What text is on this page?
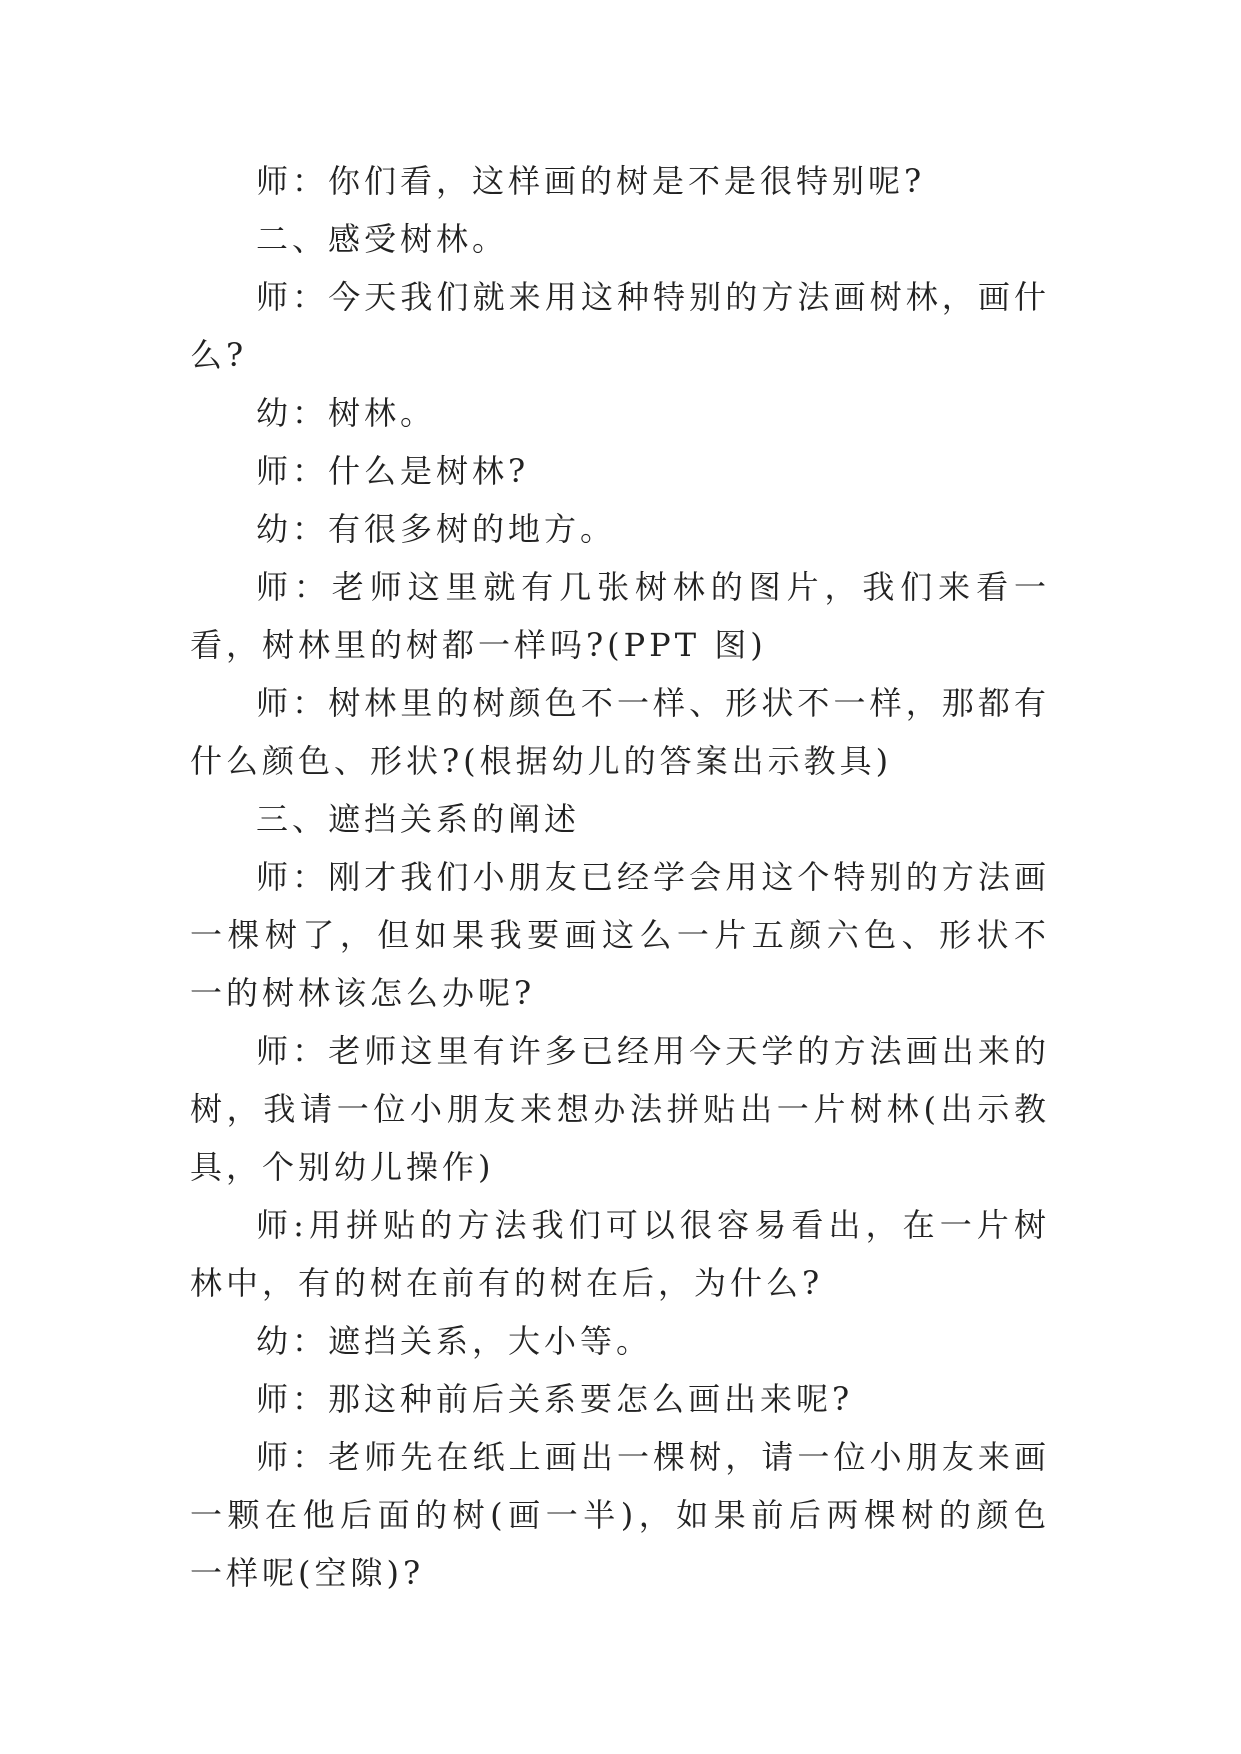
师：你们看，这样画的树是不是很特别呢?

二、感受树林。

师：今天我们就来用这种特别的方法画树林，画什么?

幼：树林。

师：什么是树林?

幼：有很多树的地方。

师：老师这里就有几张树林的图片，我们来看一看，树林里的树都一样吗?(PPT 图)

师：树林里的树颜色不一样、形状不一样，那都有什么颜色、形状?(根据幼儿的答案出示教具)

三、遮挡关系的阐述

师：刚才我们小朋友已经学会用这个特别的方法画一棵树了，但如果我要画这么一片五颜六色、形状不一的树林该怎么办呢?

师：老师这里有许多已经用今天学的方法画出来的树，我请一位小朋友来想办法拼贴出一片树林(出示教具，个别幼儿操作)

师:用拼贴的方法我们可以很容易看出，在一片树林中，有的树在前有的树在后，为什么?

幼：遮挡关系，大小等。

师：那这种前后关系要怎么画出来呢?

师：老师先在纸上画出一棵树，请一位小朋友来画一颗在他后面的树(画一半)，如果前后两棵树的颜色一样呢(空隙)?
